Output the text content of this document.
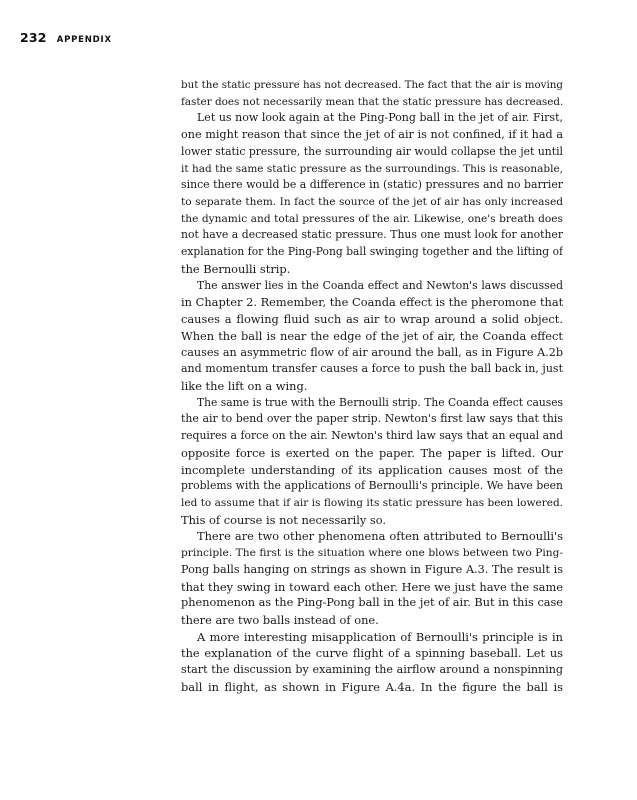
232 APPENDIX
but the static pressure has not decreased. The fact that the air is moving
faster does not necessarily mean that the static pressure has decreased.
Let us now look again at the Ping-Pong ball in the jet of air. First,
one might reason that since the jet of air is not confined, if it had a
lower static pressure, the surrounding air would collapse the jet until
it had the same static pressure as the surroundings. This is reasonable,
since there would be a difference in (static) pressures and no barrier
to separate them. In fact the source of the jet of air has only increased
the dynamic and total pressures of the air. Likewise, one's breath does
not have a decreased static pressure. Thus one must look for another
explanation for the Ping-Pong ball swinging together and the lifting of
the Bernoulli strip.
The answer lies in the Coanda effect and Newton's laws discussed
in Chapter 2. Remember, the Coanda effect is the pheromone that
causes a flowing fluid such as air to wrap around a solid object.
When the ball is near the edge of the jet of air, the Coanda effect
causes an asymmetric flow of air around the ball, as in Figure A.2b
and momentum transfer causes a force to push the ball back in, just
like the lift on a wing.
The same is true with the Bernoulli strip. The Coanda effect causes
the air to bend over the paper strip. Newton's first law says that this
requires a force on the air. Newton's third law says that an equal and
opposite force is exerted on the paper. The paper is lifted. Our
incomplete understanding of its application causes most of the
problems with the applications of Bernoulli's principle. We have been
led to assume that if air is flowing its static pressure has been lowered.
This of course is not necessarily so.
There are two other phenomena often attributed to Bernoulli's
principle. The first is the situation where one blows between two Ping-
Pong balls hanging on strings as shown in Figure A.3. The result is
that they swing in toward each other. Here we just have the same
phenomenon as the Ping-Pong ball in the jet of air. But in this case
there are two balls instead of one.
A more interesting misapplication of Bernoulli's principle is in
the explanation of the curve flight of a spinning baseball. Let us
start the discussion by examining the airflow around a nonspinning
ball in flight, as shown in Figure A.4a. In the figure the ball is
